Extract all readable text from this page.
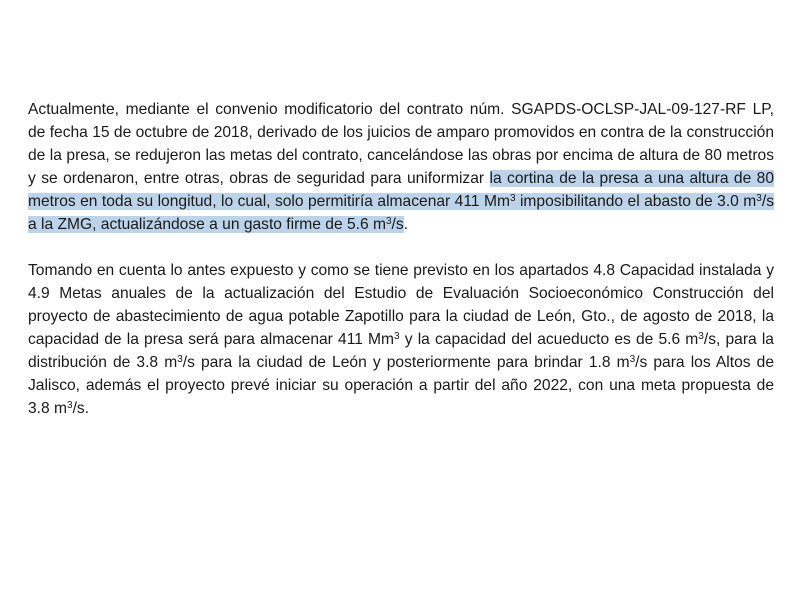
Actualmente, mediante el convenio modificatorio del contrato núm. SGAPDS-OCLSP-JAL-09-127-RF LP, de fecha 15 de octubre de 2018, derivado de los juicios de amparo promovidos en contra de la construcción de la presa, se redujeron las metas del contrato, cancelándose las obras por encima de altura de 80 metros y se ordenaron, entre otras, obras de seguridad para uniformizar la cortina de la presa a una altura de 80 metros en toda su longitud, lo cual, solo permitiría almacenar 411 Mm$^3$ imposibilitando el abasto de 3.0 $m^3/s$ a la ZMG, actualizándose a un gasto firme de 5.6 $m^3/s$.

Tomando en cuenta lo antes expuesto y como se tiene previsto en los apartados 4.8 Capacidad instalada y 4.9 Metas anuales de la actualización del Estudio de Evaluación Socioeconómico Construcción del proyecto de abastecimiento de agua potable Zapotillo para la ciudad de León, Gto., de agosto de 2018, la capacidad de la presa será para almacenar 411 Mm$^3$ y la capacidad del acueducto es de 5.6 $m^3/s$, para la distribución de 3.8 $m^3/s$ para la ciudad de León y posteriormente para brindar 1.8 $m^3/s$ para los Altos de Jalisco, además el proyecto prevé iniciar su operación a partir del año 2022, con una meta propuesta de 3.8 $m^3/s$.
